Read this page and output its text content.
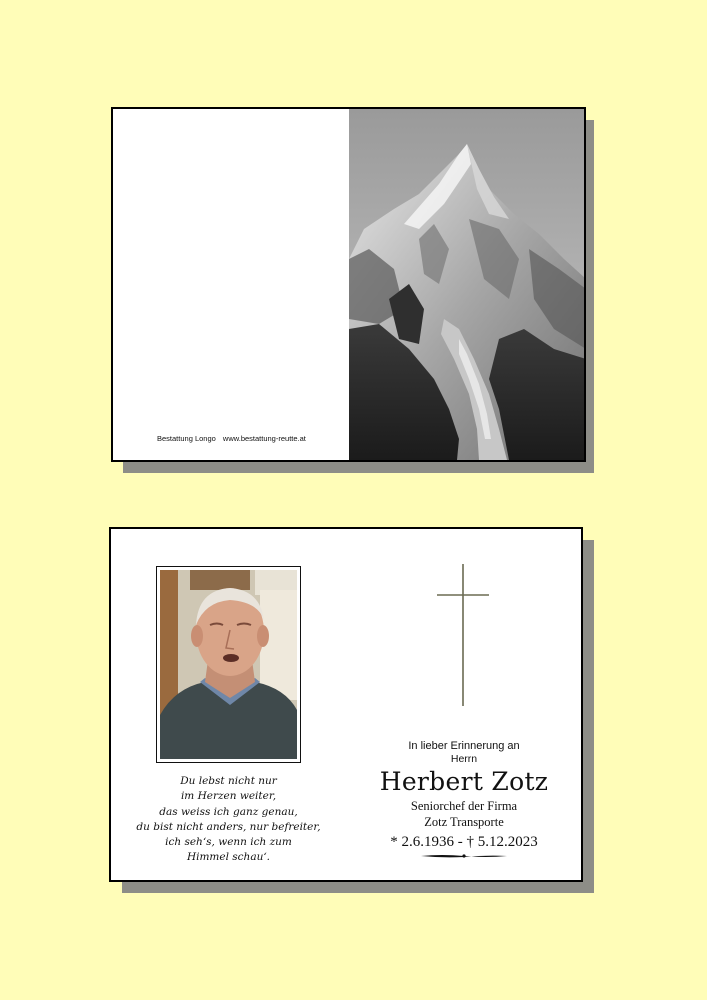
Bestattung Longo www.bestattung-reutte.at
Du lebst nicht nur
im Herzen weiter,
das weiss ich ganz genau,
du bist nicht anders, nur befreiter,
ich seh‘s, wenn ich zum
Himmel schau‘.
In lieber Erinnerung an
Herrn
Herbert Zotz
Seniorchef der Firma
Zotz Transporte
* 2.6.1936 - † 5.12.2023
